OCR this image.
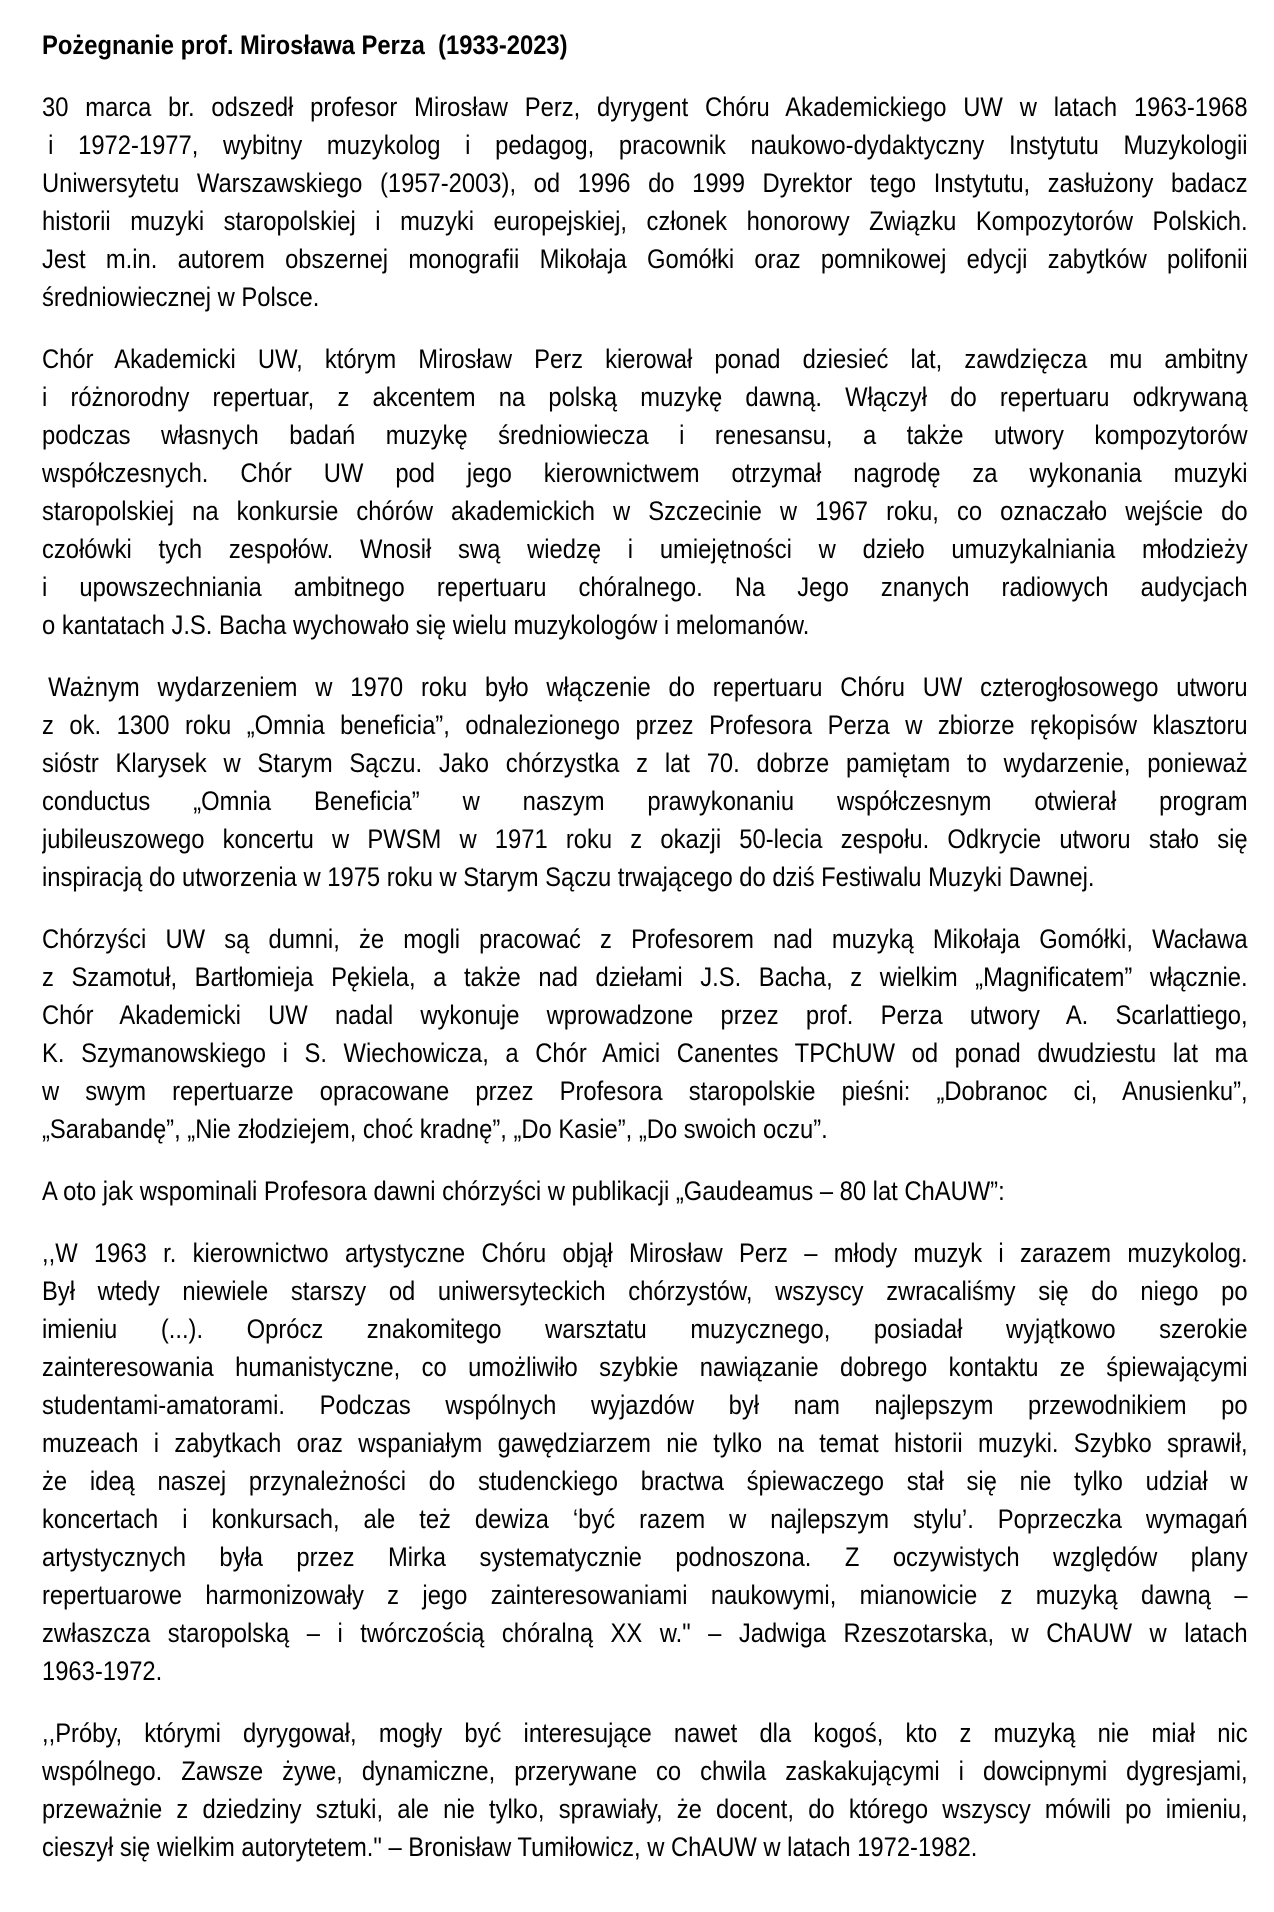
Pożegnanie prof. Mirosława Perza  (1933-2023)
30 marca br. odszedł profesor Mirosław Perz, dyrygent Chóru Akademickiego UW w latach 1963-1968
i 1972-1977, wybitny muzykolog i pedagog, pracownik naukowo-dydaktyczny Instytutu Muzykologii
Uniwersytetu Warszawskiego (1957-2003), od 1996 do 1999 Dyrektor tego Instytutu, zasłużony badacz
historii muzyki staropolskiej i muzyki europejskiej, członek honorowy Związku Kompozytorów Polskich.
Jest m.in. autorem obszernej monografii Mikołaja Gomółki oraz pomnikowej edycji zabytków polifonii
średniowiecznej w Polsce.
Chór Akademicki UW, którym Mirosław Perz kierował ponad dziesieć lat, zawdzięcza mu ambitny
i różnorodny repertuar, z akcentem na polską muzykę dawną. Włączył do repertuaru odkrywaną
podczas własnych badań muzykę średniowiecza i renesansu, a także utwory kompozytorów
współczesnych. Chór UW pod jego kierownictwem otrzymał nagrodę za wykonania muzyki
staropolskiej na konkursie chórów akademickich w Szczecinie w 1967 roku, co oznaczało wejście do
czołówki tych zespołów. Wnosił swą wiedzę i umiejętności w dzieło umuzykalniania młodzieży
i upowszechniania ambitnego repertuaru chóralnego. Na Jego znanych radiowych audycjach
o kantatach J.S. Bacha wychowało się wielu muzykologów i melomanów.
Ważnym wydarzeniem w 1970 roku było włączenie do repertuaru Chóru UW czterogłosowego utworu
z ok. 1300 roku „Omnia beneficia”, odnalezionego przez Profesora Perza w zbiorze rękopisów klasztoru
sióstr Klarysek w Starym Sączu. Jako chórzystka z lat 70. dobrze pamiętam to wydarzenie, ponieważ
conductus „Omnia Beneficia” w naszym prawykonaniu współczesnym otwierał program
jubileuszowego koncertu w PWSM w 1971 roku z okazji 50-lecia zespołu. Odkrycie utworu stało się
inspiracją do utworzenia w 1975 roku w Starym Sączu trwającego do dziś Festiwalu Muzyki Dawnej.
Chórzyści UW są dumni, że mogli pracować z Profesorem nad muzyką Mikołaja Gomółki, Wacława
z Szamotuł, Bartłomieja Pękiela, a także nad dziełami J.S. Bacha, z wielkim „Magnificatem” włącznie.
Chór Akademicki UW nadal wykonuje wprowadzone przez prof. Perza utwory A. Scarlattiego,
K. Szymanowskiego i S. Wiechowicza, a Chór Amici Canentes TPChUW od ponad dwudziestu lat ma
w swym repertuarze opracowane przez Profesora staropolskie pieśni: „Dobranoc ci, Anusienku”,
„Sarabandę”, „Nie złodziejem, choć kradnę”, „Do Kasie”, „Do swoich oczu”.
A oto jak wspominali Profesora dawni chórzyści w publikacji „Gaudeamus – 80 lat ChAUW”:
,,W 1963 r. kierownictwo artystyczne Chóru objął Mirosław Perz – młody muzyk i zarazem muzykolog.
Był wtedy niewiele starszy od uniwersyteckich chórzystów, wszyscy zwracaliśmy się do niego po
imieniu (...). Oprócz znakomitego warsztatu muzycznego, posiadał wyjątkowo szerokie
zainteresowania humanistyczne, co umożliwiło szybkie nawiązanie dobrego kontaktu ze śpiewającymi
studentami-amatorami. Podczas wspólnych wyjazdów był nam najlepszym przewodnikiem po
muzeach i zabytkach oraz wspaniałym gawędziarzem nie tylko na temat historii muzyki. Szybko sprawił,
że ideą naszej przynależności do studenckiego bractwa śpiewaczego stał się nie tylko udział w
koncertach i konkursach, ale też dewiza ‘być razem w najlepszym stylu’. Poprzeczka wymagań
artystycznych była przez Mirka systematycznie podnoszona. Z oczywistych względów plany
repertuarowe harmonizowały z jego zainteresowaniami naukowymi, mianowicie z muzyką dawną –
zwłaszcza staropolską – i twórczością chóralną XX w." – Jadwiga Rzeszotarska, w ChAUW w latach
1963-1972.
,,Próby, którymi dyrygował, mogły być interesujące nawet dla kogoś, kto z muzyką nie miał nic
wspólnego. Zawsze żywe, dynamiczne, przerywane co chwila zaskakującymi i dowcipnymi dygresjami,
przeważnie z dziedziny sztuki, ale nie tylko, sprawiały, że docent, do którego wszyscy mówili po imieniu,
cieszył się wielkim autorytetem." – Bronisław Tumiłowicz, w ChAUW w latach 1972-1982.
